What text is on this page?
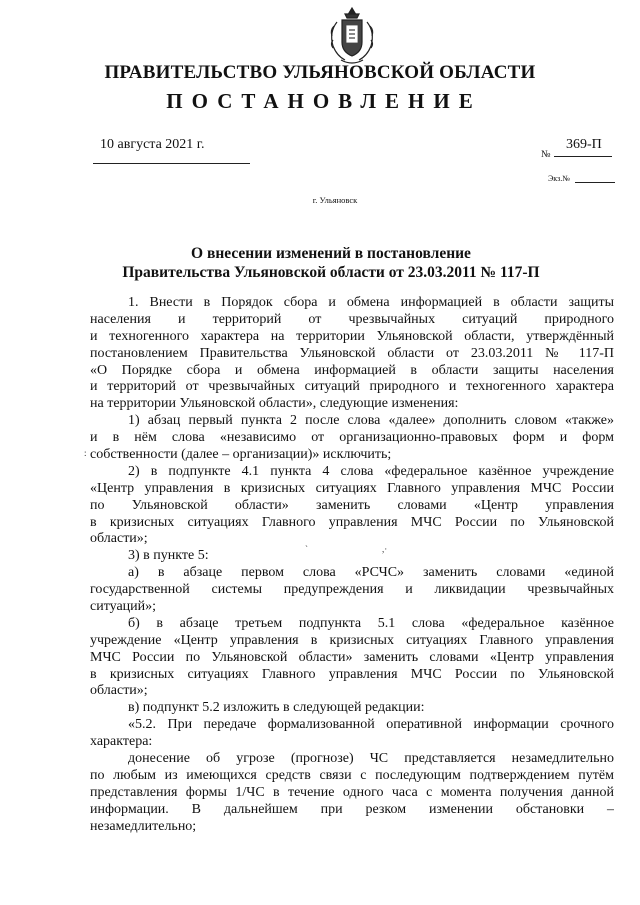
ПРАВИТЕЛЬСТВО УЛЬЯНОВСКОЙ ОБЛАСТИ
ПОСТАНОВЛЕНИЕ
10 августа 2021 г.
№
369-П
Экз.№
г. Ульяновск
О внесении изменений в постановление
Правительства Ульяновской области от 23.03.2011 № 117-П
1. Внести в Порядок сбора и обмена информацией в области защиты
населения и территорий от чрезвычайных ситуаций природного
и техногенного характера на территории Ульяновской области, утверждённый
постановлением Правительства Ульяновской области от 23.03.2011 № 117-П
«О Порядке сбора и обмена информацией в области защиты населения
и территорий от чрезвычайных ситуаций природного и техногенного характера
на территории Ульяновской области», следующие изменения:
1) абзац первый пункта 2 после слова «далее» дополнить словом «также»
и в нём слова «независимо от организационно-правовых форм и форм
собственности (далее – организации)» исключить;
2) в подпункте 4.1 пункта 4 слова «федеральное казённое учреждение
«Центр управления в кризисных ситуациях Главного управления МЧС России
по Ульяновской области» заменить словами «Центр управления
в кризисных ситуациях Главного управления МЧС России по Ульяновской
области»;
3) в пункте 5:
а) в абзаце первом слова «РСЧС» заменить словами «единой
государственной системы предупреждения и ликвидации чрезвычайных
ситуаций»;
б) в абзаце третьем подпункта 5.1 слова «федеральное казённое
учреждение «Центр управления в кризисных ситуациях Главного управления
МЧС России по Ульяновской области» заменить словами «Центр управления
в кризисных ситуациях Главного управления МЧС России по Ульяновской
области»;
в) подпункт 5.2 изложить в следующей редакции:
«5.2. При передаче формализованной оперативной информации срочного
характера:
донесение об угрозе (прогнозе) ЧС представляется незамедлительно
по любым из имеющихся средств связи с последующим подтверждением путём
представления формы 1/ЧС в течение одного часа с момента получения данной
информации. В дальнейшем при резком изменении обстановки –
незамедлительно;
:
`	,·
